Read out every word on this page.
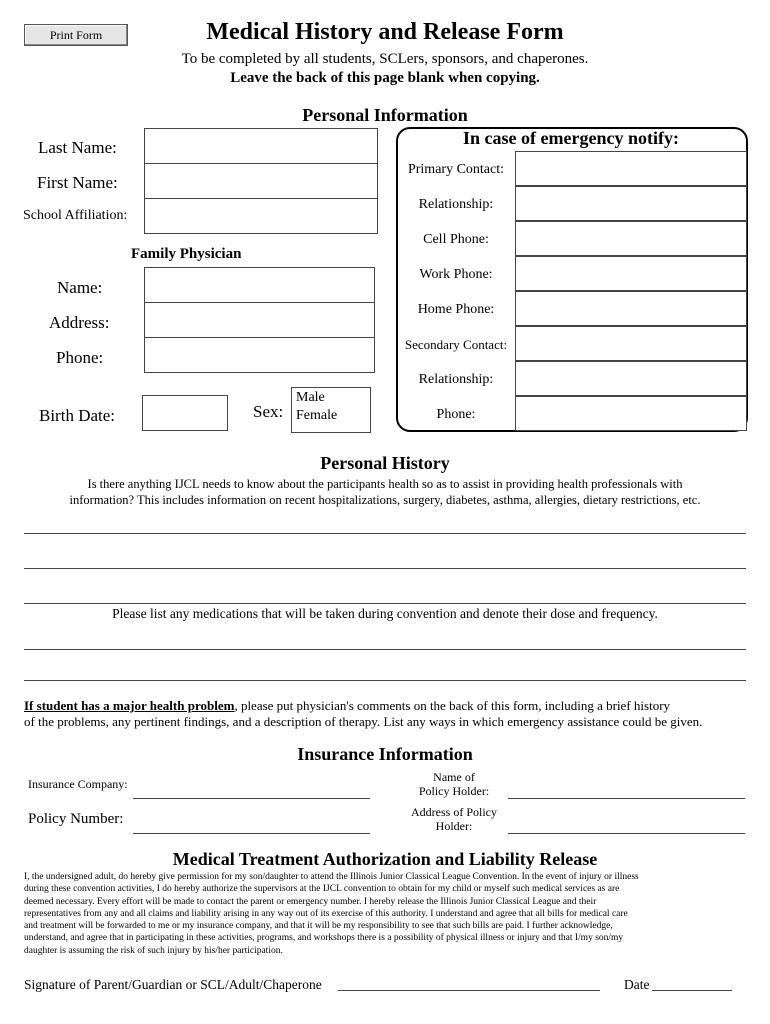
Print Form	Medical History and Release Form
To be completed by all students, SCLers, sponsors, and chaperones.
Leave the back of this page blank when copying.
Personal Information
Last Name:
First Name:
School Affiliation:
Family Physician
Name:
Address:
Phone:
Birth Date:	Sex:
Male
Female
In case of emergency notify:
Primary Contact:
Relationship:
Cell Phone:
Work Phone:
Home Phone:
Secondary Contact:
Relationship:
Phone:
Personal History
Is there anything IJCL needs to know about the participants health so as to assist in providing health professionals with
information? This includes information on recent hospitalizations, surgery, diabetes, asthma, allergies, dietary restrictions, etc.
Please list any medications that will be taken during convention and denote their dose and frequency.
If student has a major health problem, please put physician's comments on the back of this form, including a brief history
of the problems, any pertinent findings, and a description of therapy. List any ways in which emergency assistance could be given.
Insurance Information
Insurance Company:
Policy Number:
Name of
Policy Holder:
Address of Policy
Holder:
Medical Treatment Authorization and Liability Release
I, the undersigned adult, do hereby give permission for my son/daughter to attend the Illinois Junior Classical League Convention. In the event of injury or illness
during these convention activities, I do hereby authorize the supervisors at the IJCL convention to obtain for my child or myself such medical services as are
deemed necessary. Every effort will be made to contact the parent or emergency number. I hereby release the Illinois Junior Classical League and their
representatives from any and all claims and liability arising in any way out of its exercise of this authority. I understand and agree that all bills for medical care
and treatment will be forwarded to me or my insurance company, and that it will be my responsibility to see that such bills are paid. I further acknowledge,
understand, and agree that in participating in these activities, programs, and workshops there is a possibility of physical illness or injury and that I/my son/my
daughter is assuming the risk of such injury by his/her participation.
Signature of Parent/Guardian or SCL/Adult/Chaperone	Date
